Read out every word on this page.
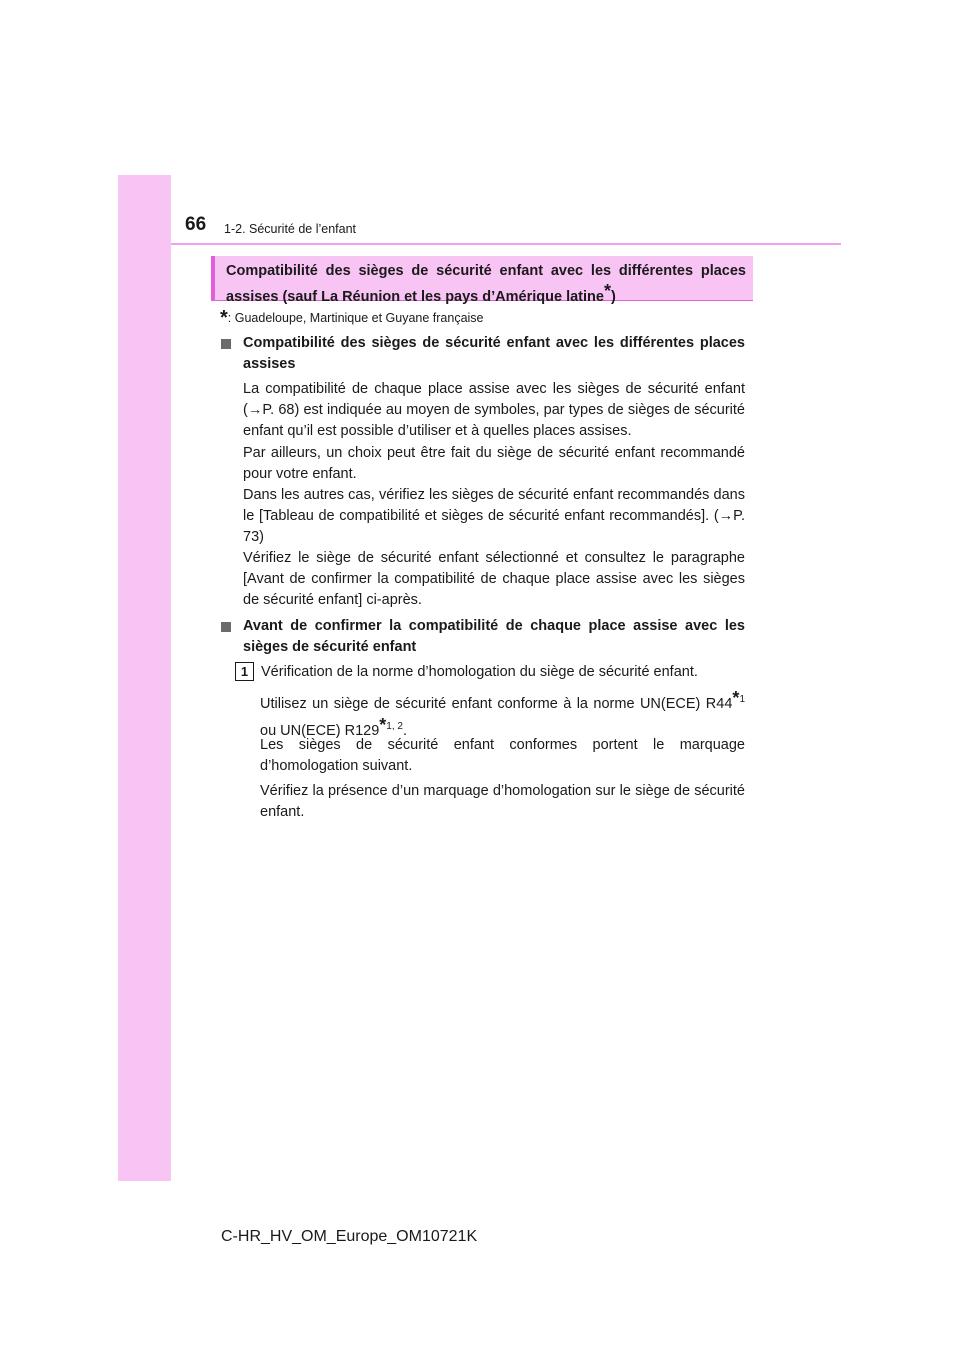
66 1-2. Sécurité de l’enfant
Compatibilité des sièges de sécurité enfant avec les différentes places assises (sauf La Réunion et les pays d’Amérique latine*)
*: Guadeloupe, Martinique et Guyane française
Compatibilité des sièges de sécurité enfant avec les différentes places assises
La compatibilité de chaque place assise avec les sièges de sécurité enfant (→P. 68) est indiquée au moyen de symboles, par types de sièges de sécurité enfant qu’il est possible d’utiliser et à quelles places assises.
Par ailleurs, un choix peut être fait du siège de sécurité enfant recommandé pour votre enfant.
Dans les autres cas, vérifiez les sièges de sécurité enfant recommandés dans le [Tableau de compatibilité et sièges de sécurité enfant recommandés]. (→P. 73)
Vérifiez le siège de sécurité enfant sélectionné et consultez le paragraphe [Avant de confirmer la compatibilité de chaque place assise avec les sièges de sécurité enfant] ci-après.
Avant de confirmer la compatibilité de chaque place assise avec les sièges de sécurité enfant
1 Vérification de la norme d’homologation du siège de sécurité enfant.
Utilisez un siège de sécurité enfant conforme à la norme UN(ECE) R44*$^1$ ou UN(ECE) R129*$^{1, 2}$.
Les sièges de sécurité enfant conformes portent le marquage d’homologation suivant.
Vérifiez la présence d’un marquage d’homologation sur le siège de sécurité enfant.
C-HR_HV_OM_Europe_OM10721K
